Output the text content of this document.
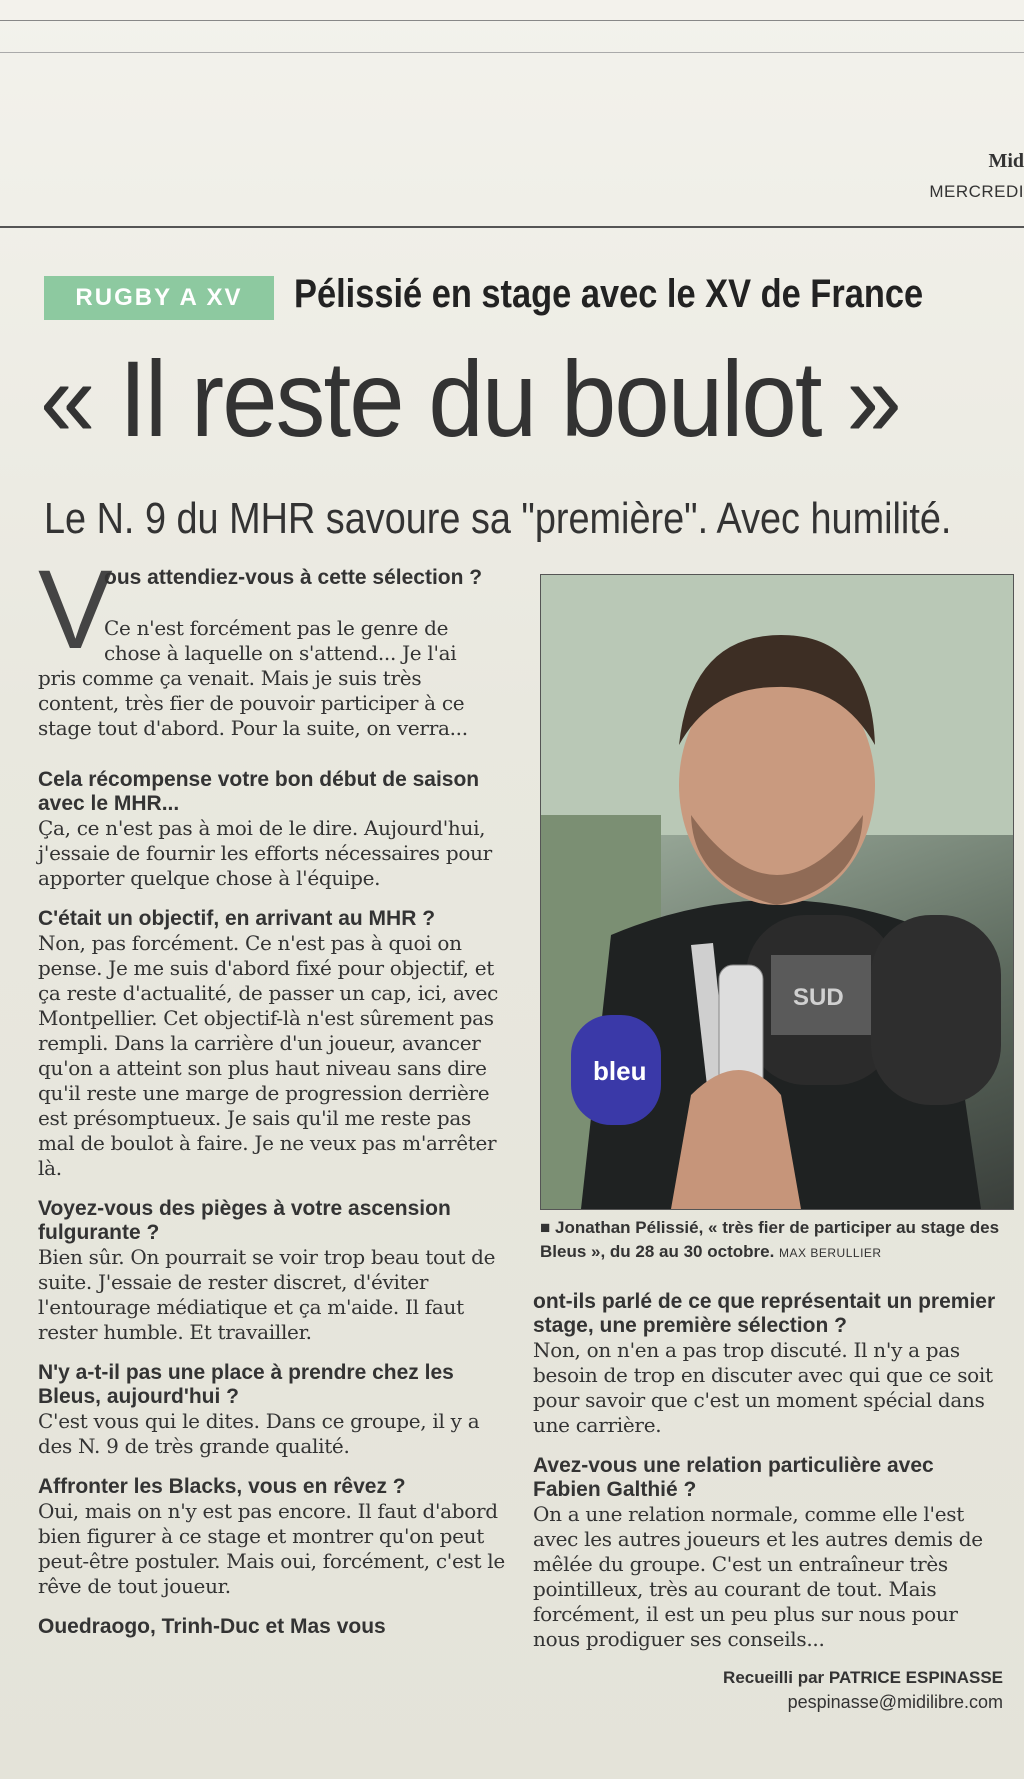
Mid
MERCREDI
RUGBY A XV	Pélissié en stage avec le XV de France
« Il reste du boulot »
Le N. 9 du MHR savoure sa "première". Avec humilité.
V

ous attendiez-vous à cette sélection ?

Ce n'est forcément pas le genre de chose à laquelle on s'attend... Je l'ai

pris comme ça venait. Mais je suis très content, très fier de pouvoir participer à ce stage tout d'abord. Pour la suite, on verra...

Cela récompense votre bon début de saison avec le MHR...

Ça, ce n'est pas à moi de le dire. Aujourd'hui, j'essaie de fournir les efforts nécessaires pour apporter quelque chose à l'équipe.

C'était un objectif, en arrivant au MHR ?

Non, pas forcément. Ce n'est pas à quoi on pense. Je me suis d'abord fixé pour objectif, et ça reste d'actualité, de passer un cap, ici, avec Montpellier. Cet objectif-là n'est sûrement pas rempli. Dans la carrière d'un joueur, avancer qu'on a atteint son plus haut niveau sans dire qu'il reste une marge de progression derrière est présomptueux. Je sais qu'il me reste pas mal de boulot à faire. Je ne veux pas m'arrêter là.

Voyez-vous des pièges à votre ascension fulgurante ?

Bien sûr. On pourrait se voir trop beau tout de suite. J'essaie de rester discret, d'éviter l'entourage médiatique et ça m'aide. Il faut rester humble. Et travailler.

N'y a-t-il pas une place à prendre chez les Bleus, aujourd'hui ?

C'est vous qui le dites. Dans ce groupe, il y a des N. 9 de très grande qualité.

Affronter les Blacks, vous en rêvez ?

Oui, mais on n'y est pas encore. Il faut d'abord bien figurer à ce stage et montrer qu'on peut peut-être postuler. Mais oui, forcément, c'est le rêve de tout joueur.

Ouedraogo, Trinh-Duc et Mas vous

bleu
SUD
■ Jonathan Pélissié, « très fier de participer au stage des Bleus », du 28 au 30 octobre. MAX BERULLIER

ont-ils parlé de ce que représentait un premier stage, une première sélection ?

Non, on n'en a pas trop discuté. Il n'y a pas besoin de trop en discuter avec qui que ce soit pour savoir que c'est un moment spécial dans une carrière.

Avez-vous une relation particulière avec Fabien Galthié ?

On a une relation normale, comme elle l'est avec les autres joueurs et les autres demis de mêlée du groupe. C'est un entraîneur très pointilleux, très au courant de tout. Mais forcément, il est un peu plus sur nous pour nous prodiguer ses conseils...

Recueilli par PATRICE ESPINASSE
pespinasse@midilibre.com
